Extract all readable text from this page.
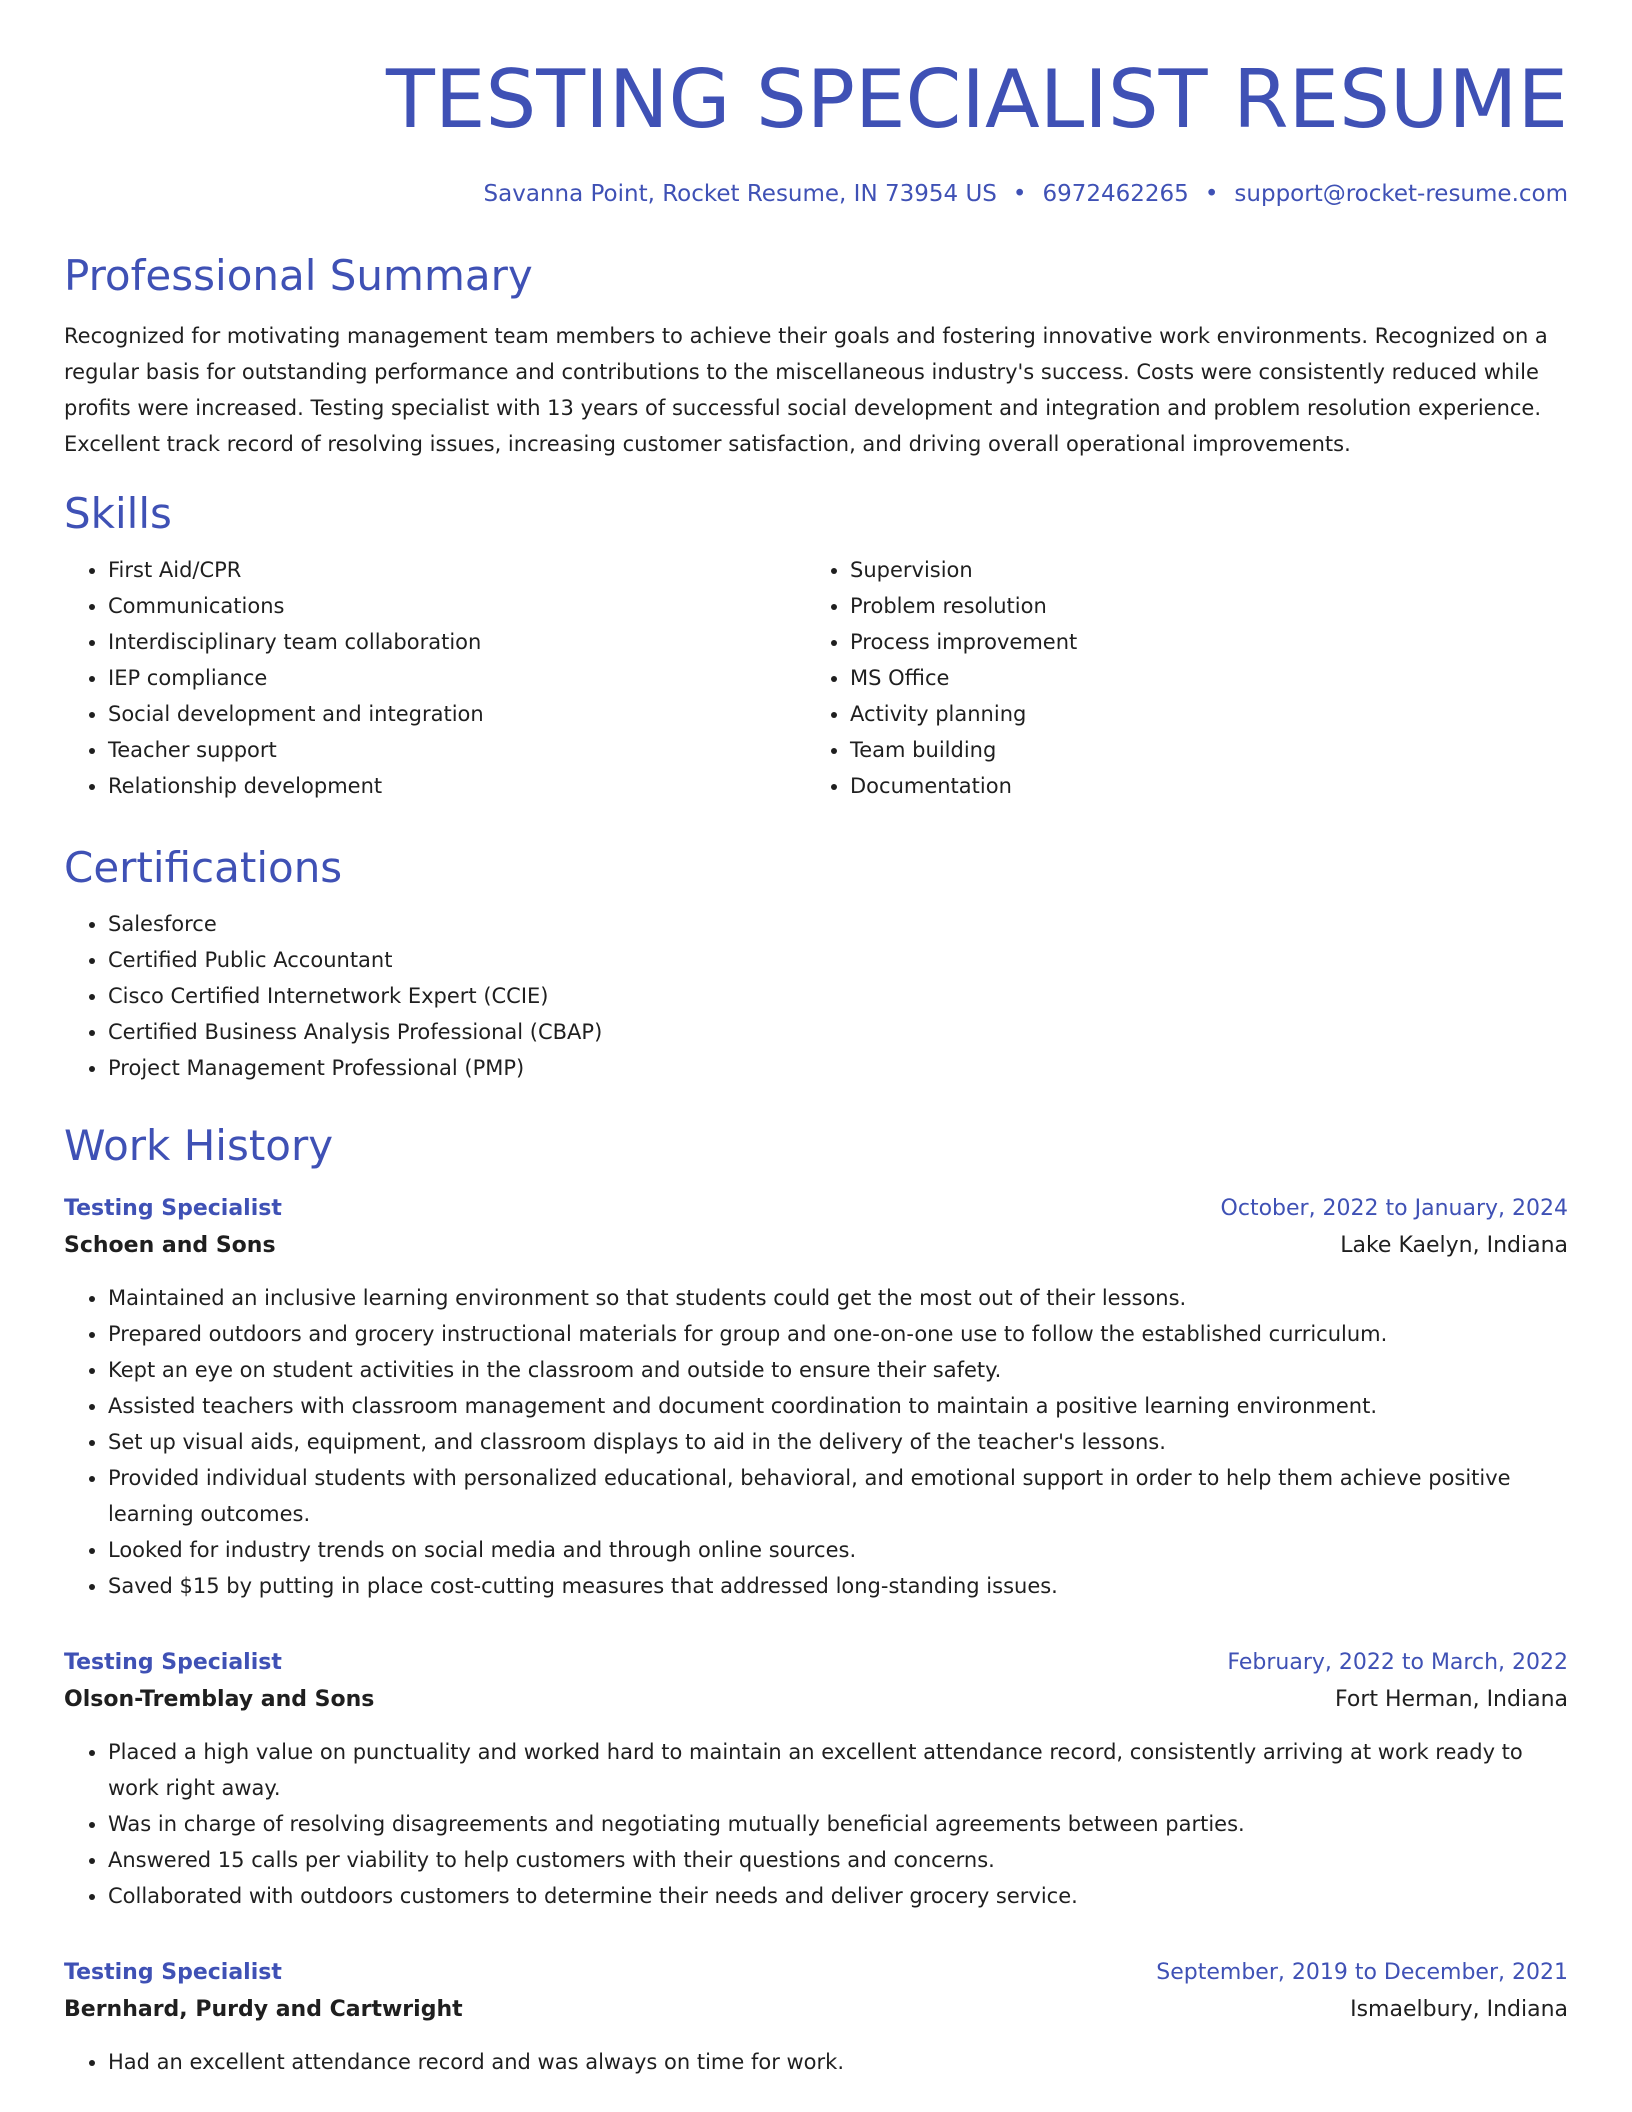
TESTING SPECIALIST RESUME
Savanna Point, Rocket Resume, IN 73954 US • 6972462265 • support@rocket-resume.com
Professional Summary
Recognized for motivating management team members to achieve their goals and fostering innovative work environments. Recognized on a regular basis for outstanding performance and contributions to the miscellaneous industry's success. Costs were consistently reduced while profits were increased. Testing specialist with 13 years of successful social development and integration and problem resolution experience. Excellent track record of resolving issues, increasing customer satisfaction, and driving overall operational improvements.
Skills
• First Aid/CPR
• Communications
• Interdisciplinary team collaboration
• IEP compliance
• Social development and integration
• Teacher support
• Relationship development
• Supervision
• Problem resolution
• Process improvement
• MS Office
• Activity planning
• Team building
• Documentation
Certifications
• Salesforce
• Certified Public Accountant
• Cisco Certified Internetwork Expert (CCIE)
• Certified Business Analysis Professional (CBAP)
• Project Management Professional (PMP)
Work History
Testing Specialist	October, 2022 to January, 2024
Schoen and Sons	Lake Kaelyn, Indiana
• Maintained an inclusive learning environment so that students could get the most out of their lessons.
• Prepared outdoors and grocery instructional materials for group and one-on-one use to follow the established curriculum.
• Kept an eye on student activities in the classroom and outside to ensure their safety.
• Assisted teachers with classroom management and document coordination to maintain a positive learning environment.
• Set up visual aids, equipment, and classroom displays to aid in the delivery of the teacher's lessons.
• Provided individual students with personalized educational, behavioral, and emotional support in order to help them achieve positive learning outcomes.
• Looked for industry trends on social media and through online sources.
• Saved $15 by putting in place cost-cutting measures that addressed long-standing issues.
Testing Specialist	February, 2022 to March, 2022
Olson-Tremblay and Sons	Fort Herman, Indiana
• Placed a high value on punctuality and worked hard to maintain an excellent attendance record, consistently arriving at work ready to work right away.
• Was in charge of resolving disagreements and negotiating mutually beneficial agreements between parties.
• Answered 15 calls per viability to help customers with their questions and concerns.
• Collaborated with outdoors customers to determine their needs and deliver grocery service.
Testing Specialist	September, 2019 to December, 2021
Bernhard, Purdy and Cartwright	Ismaelbury, Indiana
• Had an excellent attendance record and was always on time for work.
